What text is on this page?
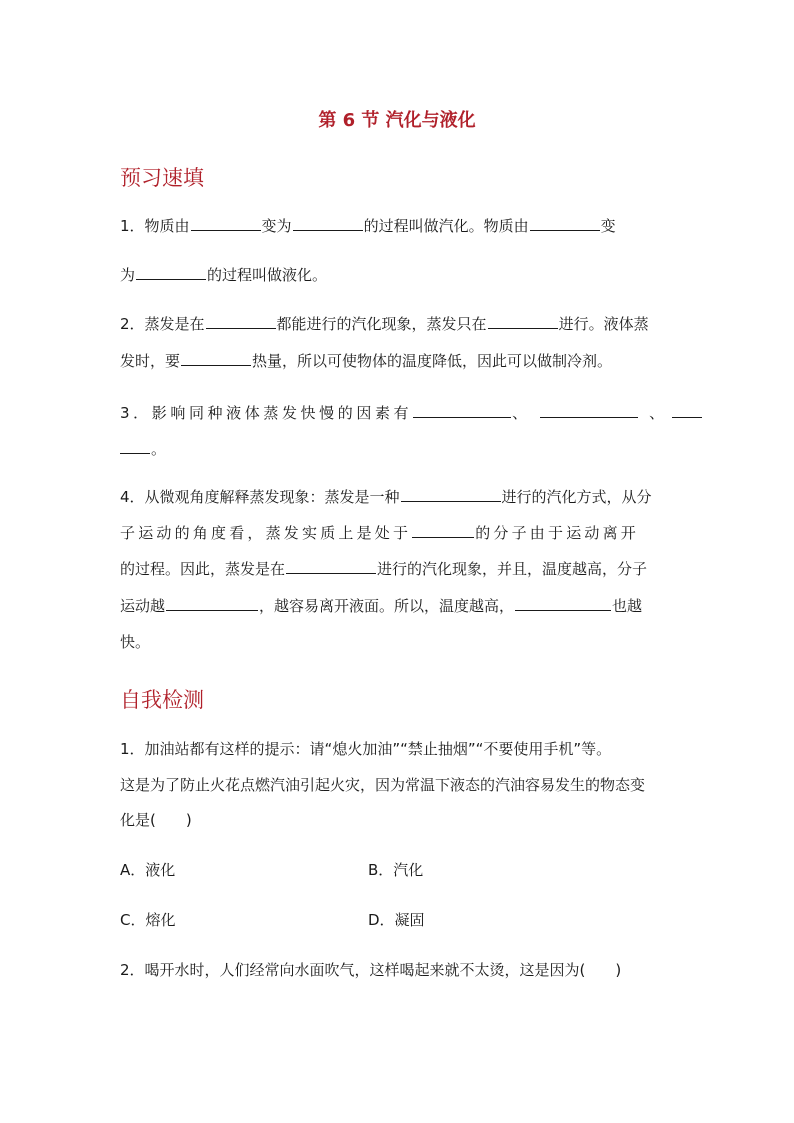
第 6 节 汽化与液化
预习速填
1．物质由	变为	的过程叫做汽化。物质由	变
为	的过程叫做液化。
2．蒸发是在	都能进行的汽化现象，蒸发只在	进行。液体蒸
发时，要	热量，所以可使物体的温度降低，因此可以做制冷剂。
3．影响同种液体蒸发快慢的因素有	、	、
。
4．从微观角度解释蒸发现象：蒸发是一种	进行的汽化方式，从分
子运动的角度看，蒸发实质上是处于	的分子由于运动离开
的过程。因此，蒸发是在	进行的汽化现象，并且，温度越高，分子
运动越	，越容易离开液面。所以，温度越高，	也越
快。
自我检测
1．加油站都有这样的提示：请“熄火加油”“禁止抽烟”“不要使用手机”等。
这是为了防止火花点燃汽油引起火灾，因为常温下液态的汽油容易发生的物态变
化是(　　)
A．液化	B．汽化
C．熔化	D．凝固
2．喝开水时，人们经常向水面吹气，这样喝起来就不太烫，这是因为(　　)
